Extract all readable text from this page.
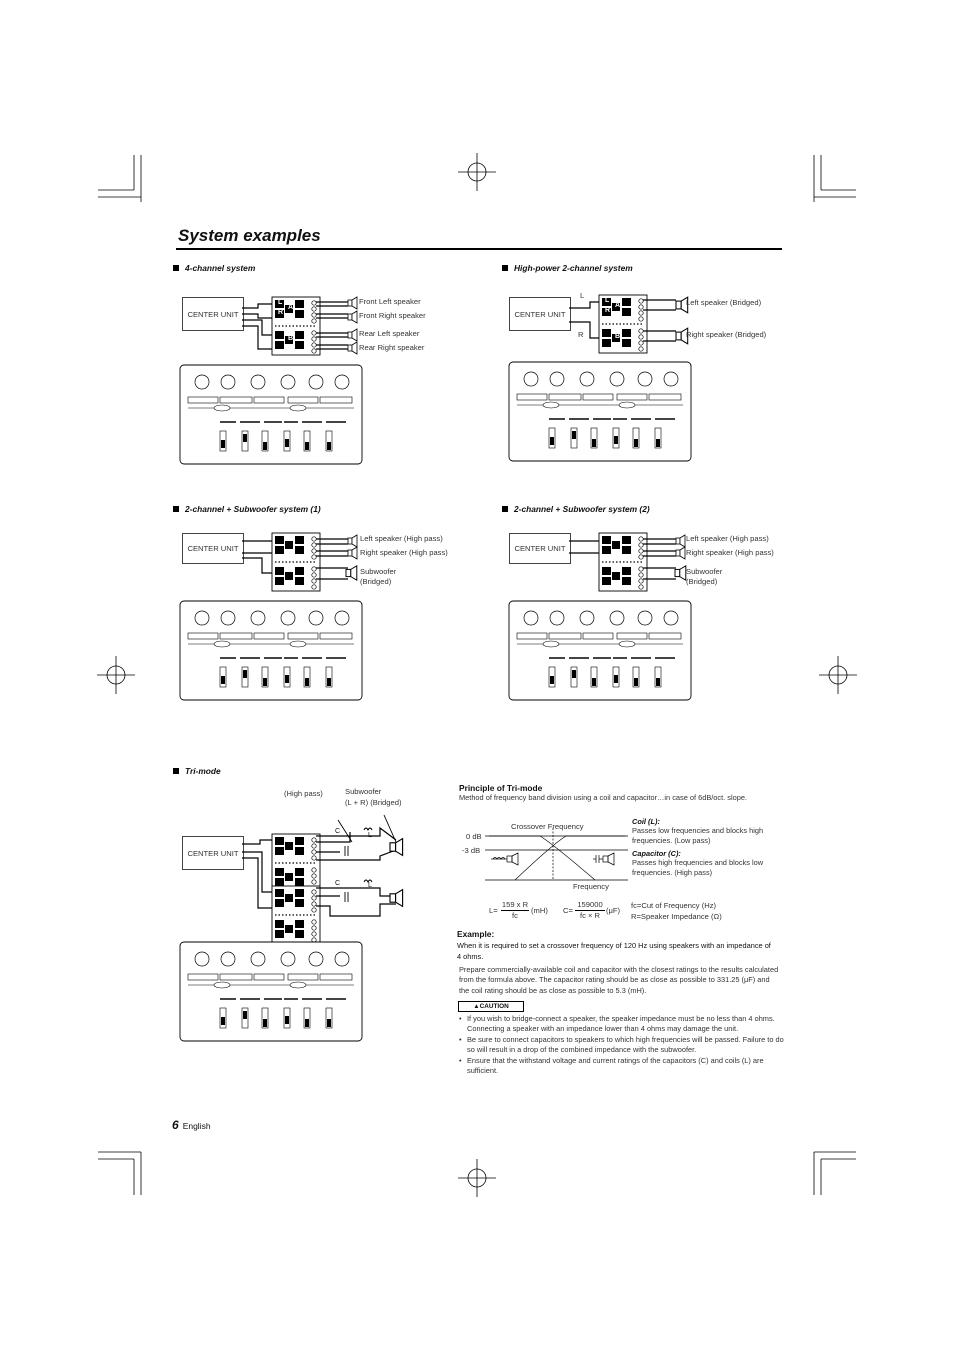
System examples
4-channel system	High-power 2-channel system
2-channel + Subwoofer system (1)	2-channel + Subwoofer system (2)
Tri-mode
CENTER UNIT	CENTER UNIT
CENTER UNIT	CENTER UNIT
CENTER UNIT
L
R
A
B
L
R
A
B
C
L
C	L
Front Left speaker
Front Right speaker
Rear Left speaker
Rear Right speaker
L
R
Left speaker (Bridged)
Right speaker (Bridged)
Left speaker (High pass)
Right speaker (High pass)
Subwoofer
(Bridged)
Left speaker (High pass)
Right speaker (High pass)
Subwoofer
(Bridged)
(High pass)	Subwoofer
(L + R) (Bridged)
Principle of Tri-mode
Method of frequency band division using a coil and capacitor…in case of 6dB/oct. slope.
Crossover Frequency
0 dB
-3 dB
Frequency
Coil (L):
Passes low frequencies and blocks high frequencies. (Low pass)
Capacitor (C):
Passes high frequencies and blocks low frequencies. (High pass)
L=
159 x R
fc
(mH) C=
159000
fc × R
(μF)
fc=Cut of Frequency (Hz)
R=Speaker Impedance (Ω)
Example:
When it is required to set a crossover frequency of 120 Hz using speakers with an impedance of 4 ohms.
Prepare commercially-available coil and capacitor with the closest ratings to the results calculated from the formula above. The capacitor rating should be as close as possible to 331.25 (μF) and the coil rating should be as close as possible to 5.3 (mH).
▲CAUTION
• If you wish to bridge-connect a speaker, the speaker impedance must be no less than 4 ohms. Connecting a speaker with an impedance lower than 4 ohms may damage the unit.
• Be sure to connect capacitors to speakers to which high frequencies will be passed. Failure to do so will result in a drop of the combined impedance with the subwoofer.
• Ensure that the withstand voltage and current ratings of the capacitors (C) and coils (L) are sufficient.
6 English
